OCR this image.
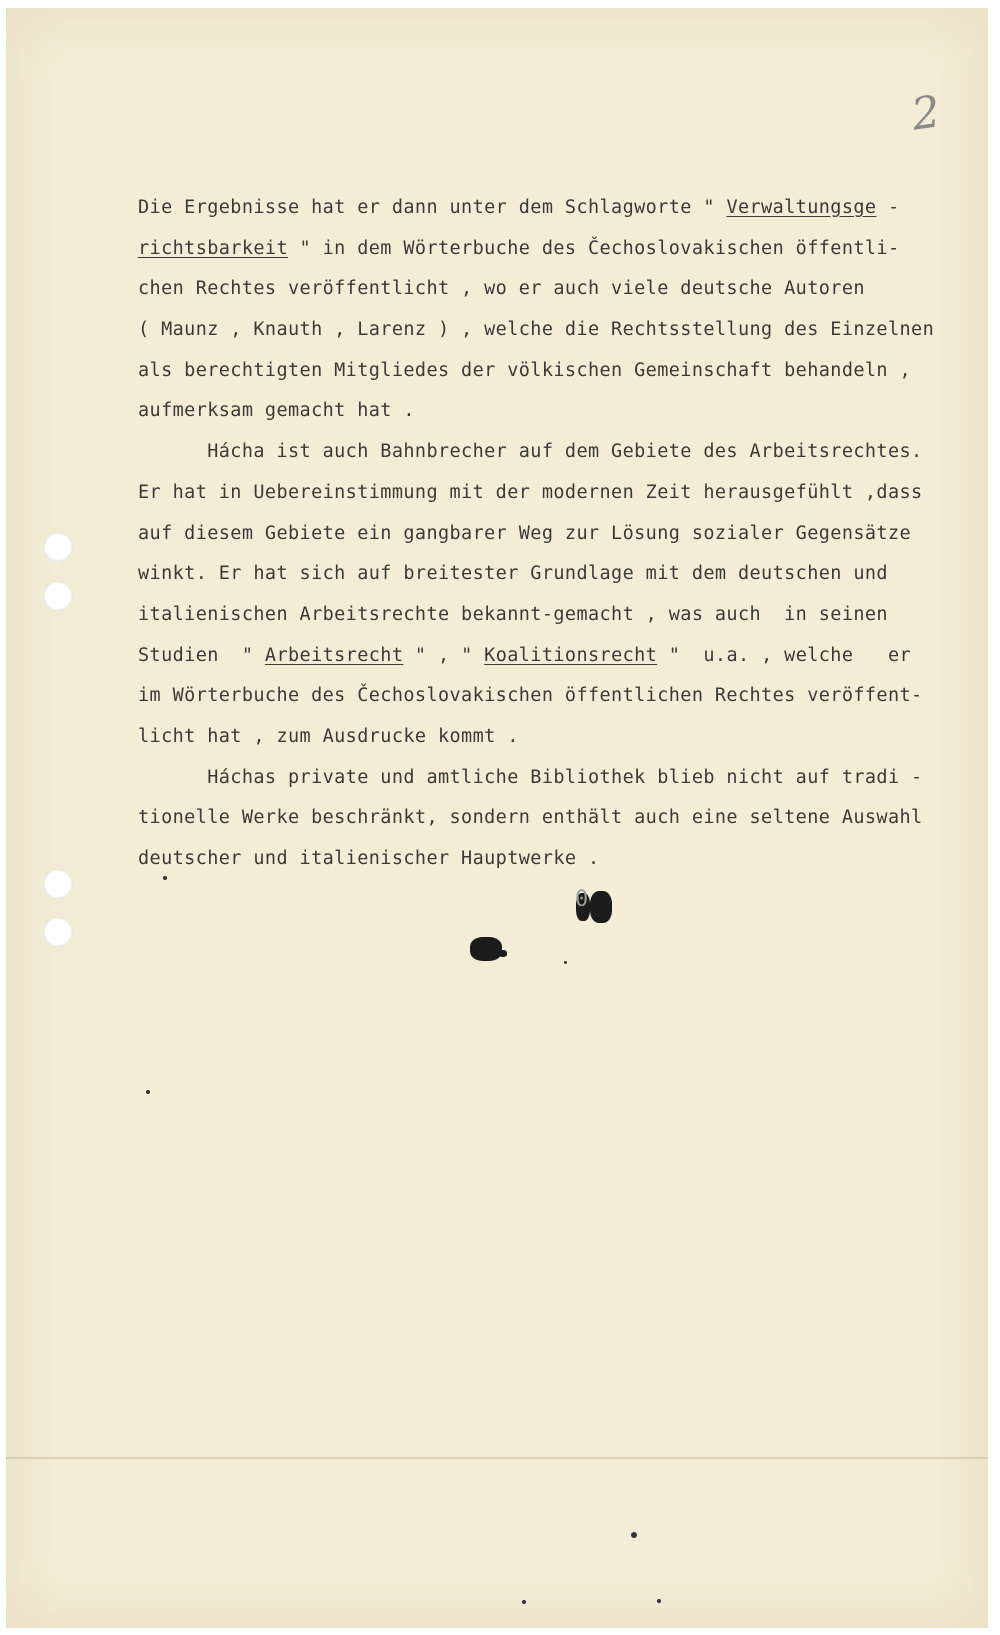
2
Die Ergebnisse hat er dann unter dem Schlagworte " Verwaltungsge -
richtsbarkeit " in dem Wörterbuche des Čechoslovakischen öffentli-
chen Rechtes veröffentlicht , wo er auch viele deutsche Autoren
( Maunz , Knauth , Larenz ) , welche die Rechtsstellung des Einzelnen
als berechtigten Mitgliedes der völkischen Gemeinschaft behandeln ,
aufmerksam gemacht hat .
Hácha ist auch Bahnbrecher auf dem Gebiete des Arbeitsrechtes.
Er hat in Uebereinstimmung mit der modernen Zeit herausgefühlt ,dass
auf diesem Gebiete ein gangbarer Weg zur Lösung sozialer Gegensätze
winkt. Er hat sich auf breitester Grundlage mit dem deutschen und
italienischen Arbeitsrechte bekannt-gemacht , was auch  in seinen
Studien  " Arbeitsrecht " , " Koalitionsrecht "  u.a. , welche   er
im Wörterbuche des Čechoslovakischen öffentlichen Rechtes veröffent-
licht hat , zum Ausdrucke kommt .
Háchas private und amtliche Bibliothek blieb nicht auf tradi -
tionelle Werke beschränkt, sondern enthält auch eine seltene Auswahl
deutscher und italienischer Hauptwerke .
0
